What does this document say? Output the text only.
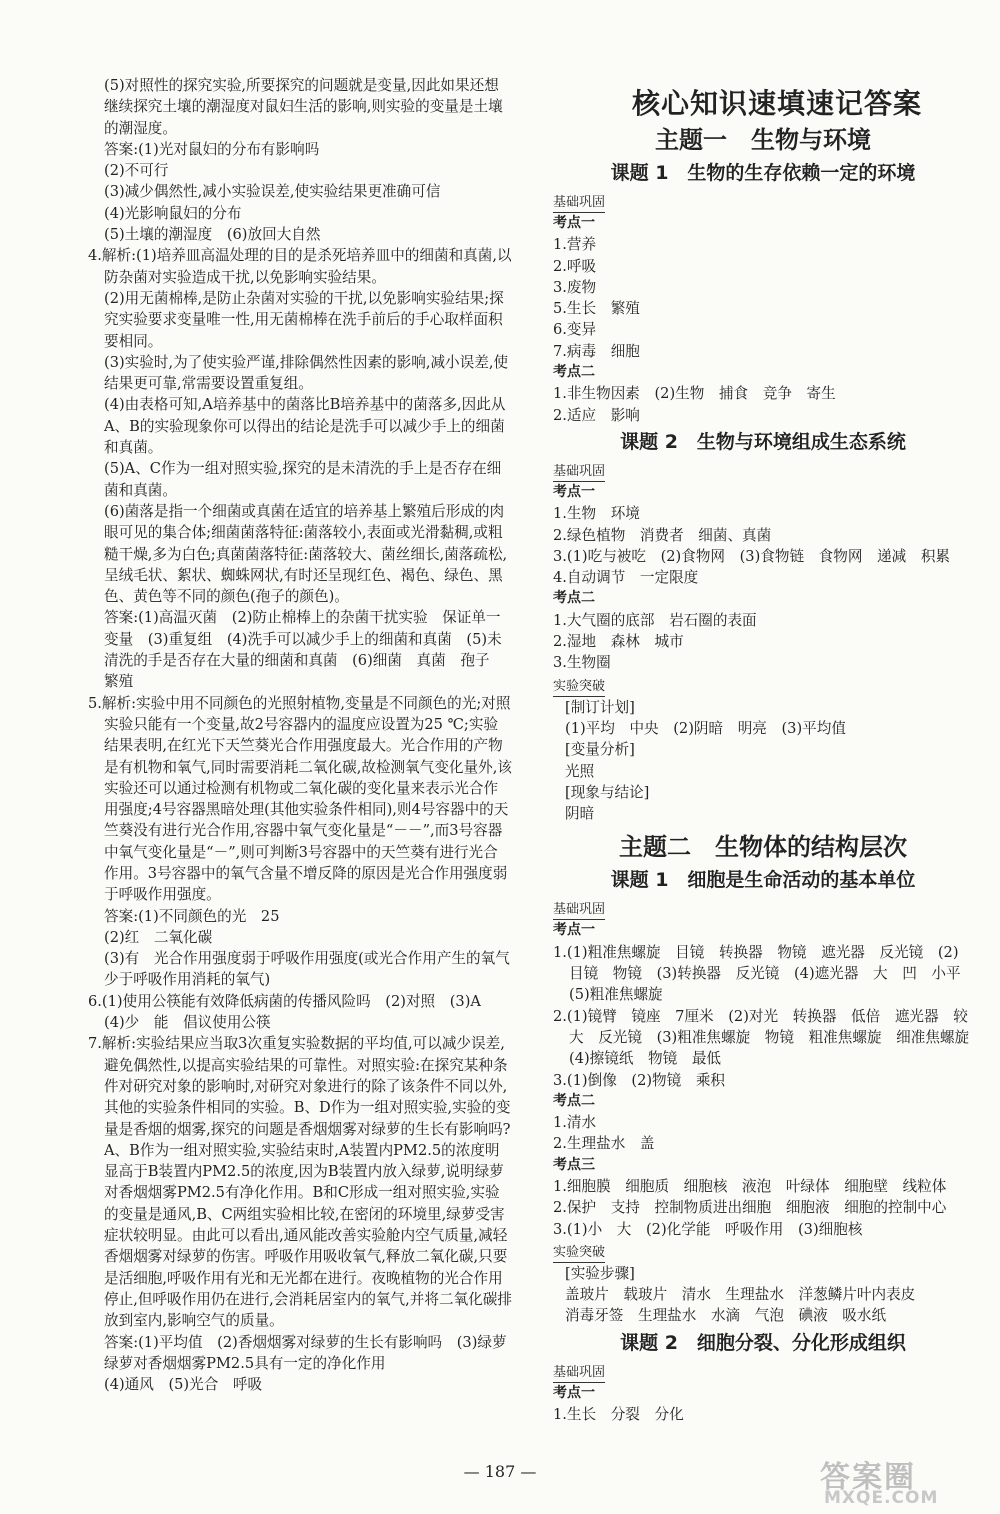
(5)对照性的探究实验,所要探究的问题就是变量,因此如果还想继续探究土壤的潮湿度对鼠妇生活的影响,则实验的变量是土壤的潮湿度。

答案:(1)光对鼠妇的分布有影响吗

(2)不可行

(3)减少偶然性,减小实验误差,使实验结果更准确可信

(4)光影响鼠妇的分布

(5)土壤的潮湿度　(6)放回大自然

4.解析:(1)培养皿高温处理的目的是杀死培养皿中的细菌和真菌,以防杂菌对实验造成干扰,以免影响实验结果。

(2)用无菌棉棒,是防止杂菌对实验的干扰,以免影响实验结果;探究实验要求变量唯一性,用无菌棉棒在洗手前后的手心取样面积要相同。

(3)实验时,为了使实验严谨,排除偶然性因素的影响,减小误差,使结果更可靠,常需要设置重复组。

(4)由表格可知,A培养基中的菌落比B培养基中的菌落多,因此从A、B的实验现象你可以得出的结论是洗手可以减少手上的细菌和真菌。

(5)A、C作为一组对照实验,探究的是未清洗的手上是否存在细菌和真菌。

(6)菌落是指一个细菌或真菌在适宜的培养基上繁殖后形成的肉眼可见的集合体;细菌菌落特征:菌落较小,表面或光滑黏稠,或粗糙干燥,多为白色;真菌菌落特征:菌落较大、菌丝细长,菌落疏松,呈绒毛状、絮状、蜘蛛网状,有时还呈现红色、褐色、绿色、黑色、黄色等不同的颜色(孢子的颜色)。

答案:(1)高温灭菌　(2)防止棉棒上的杂菌干扰实验　保证单一变量　(3)重复组　(4)洗手可以减少手上的细菌和真菌　(5)未清洗的手是否存在大量的细菌和真菌　(6)细菌　真菌　孢子　繁殖

5.解析:实验中用不同颜色的光照射植物,变量是不同颜色的光;对照实验只能有一个变量,故2号容器内的温度应设置为25 ℃;实验结果表明,在红光下天竺葵光合作用强度最大。光合作用的产物是有机物和氧气,同时需要消耗二氧化碳,故检测氧气变化量外,该实验还可以通过检测有机物或二氧化碳的变化量来表示光合作用强度;4号容器黑暗处理(其他实验条件相同),则4号容器中的天竺葵没有进行光合作用,容器中氧气变化量是“－－”,而3号容器中氧气变化量是“－”,则可判断3号容器中的天竺葵有进行光合作用。3号容器中的氧气含量不增反降的原因是光合作用强度弱于呼吸作用强度。

答案:(1)不同颜色的光　25

(2)红　二氧化碳

(3)有　光合作用强度弱于呼吸作用强度(或光合作用产生的氧气少于呼吸作用消耗的氧气)

6.(1)使用公筷能有效降低病菌的传播风险吗　(2)对照　(3)A　(4)少　能　倡议使用公筷

7.解析:实验结果应当取3次重复实验数据的平均值,可以减少误差,避免偶然性,以提高实验结果的可靠性。对照实验:在探究某种条件对研究对象的影响时,对研究对象进行的除了该条件不同以外,其他的实验条件相同的实验。B、D作为一组对照实验,实验的变量是香烟的烟雾,探究的问题是香烟烟雾对绿萝的生长有影响吗?A、B作为一组对照实验,实验结束时,A装置内PM2.5的浓度明显高于B装置内PM2.5的浓度,因为B装置内放入绿萝,说明绿萝对香烟烟雾PM2.5有净化作用。B和C形成一组对照实验,实验的变量是通风,B、C两组实验相比较,在密闭的环境里,绿萝受害症状较明显。由此可以看出,通风能改善实验舱内空气质量,减轻香烟烟雾对绿萝的伤害。呼吸作用吸收氧气,释放二氧化碳,只要是活细胞,呼吸作用有光和无光都在进行。夜晚植物的光合作用停止,但呼吸作用仍在进行,会消耗居室内的氧气,并将二氧化碳排放到室内,影响空气的质量。

答案:(1)平均值　(2)香烟烟雾对绿萝的生长有影响吗　(3)绿萝　绿萝对香烟烟雾PM2.5具有一定的净化作用

(4)通风　(5)光合　呼吸

核心知识速填速记答案
主题一　生物与环境
课题 1　生物的生存依赖一定的环境
基础巩固
考点一
1.营养
2.呼吸
3.废物
5.生长　繁殖
6.变异
7.病毒　细胞
考点二
1.非生物因素　(2)生物　捕食　竞争　寄生
2.适应　影响
课题 2　生物与环境组成生态系统
基础巩固
考点一
1.生物　环境
2.绿色植物　消费者　细菌、真菌
3.(1)吃与被吃　(2)食物网　(3)食物链　食物网　递减　积累
4.自动调节　一定限度
考点二
1.大气圈的底部　岩石圈的表面
2.湿地　森林　城市
3.生物圈
实验突破
[制订计划]
(1)平均　中央　(2)阴暗　明亮　(3)平均值
[变量分析]
光照
[现象与结论]
阴暗
主题二　生物体的结构层次
课题 1　细胞是生命活动的基本单位
基础巩固
考点一
1.(1)粗准焦螺旋　目镜　转换器　物镜　遮光器　反光镜　(2)目镜　物镜　(3)转换器　反光镜　(4)遮光器　大　凹　小平　(5)粗准焦螺旋
2.(1)镜臂　镜座　7厘米　(2)对光　转换器　低倍　遮光器　较大　反光镜　(3)粗准焦螺旋　物镜　粗准焦螺旋　细准焦螺旋　(4)擦镜纸　物镜　最低
3.(1)倒像　(2)物镜　乘积
考点二
1.清水
2.生理盐水　盖
考点三
1.细胞膜　细胞质　细胞核　液泡　叶绿体　细胞壁　线粒体
2.保护　支持　控制物质进出细胞　细胞液　细胞的控制中心
3.(1)小　大　(2)化学能　呼吸作用　(3)细胞核
实验突破
[实验步骤]
盖玻片　载玻片　清水　生理盐水　洋葱鳞片叶内表皮
消毒牙签　生理盐水　水滴　气泡　碘液　吸水纸
课题 2　细胞分裂、分化形成组织
基础巩固
考点一
1.生长　分裂　分化
— 187 —	答案圈
MXQE.COM
